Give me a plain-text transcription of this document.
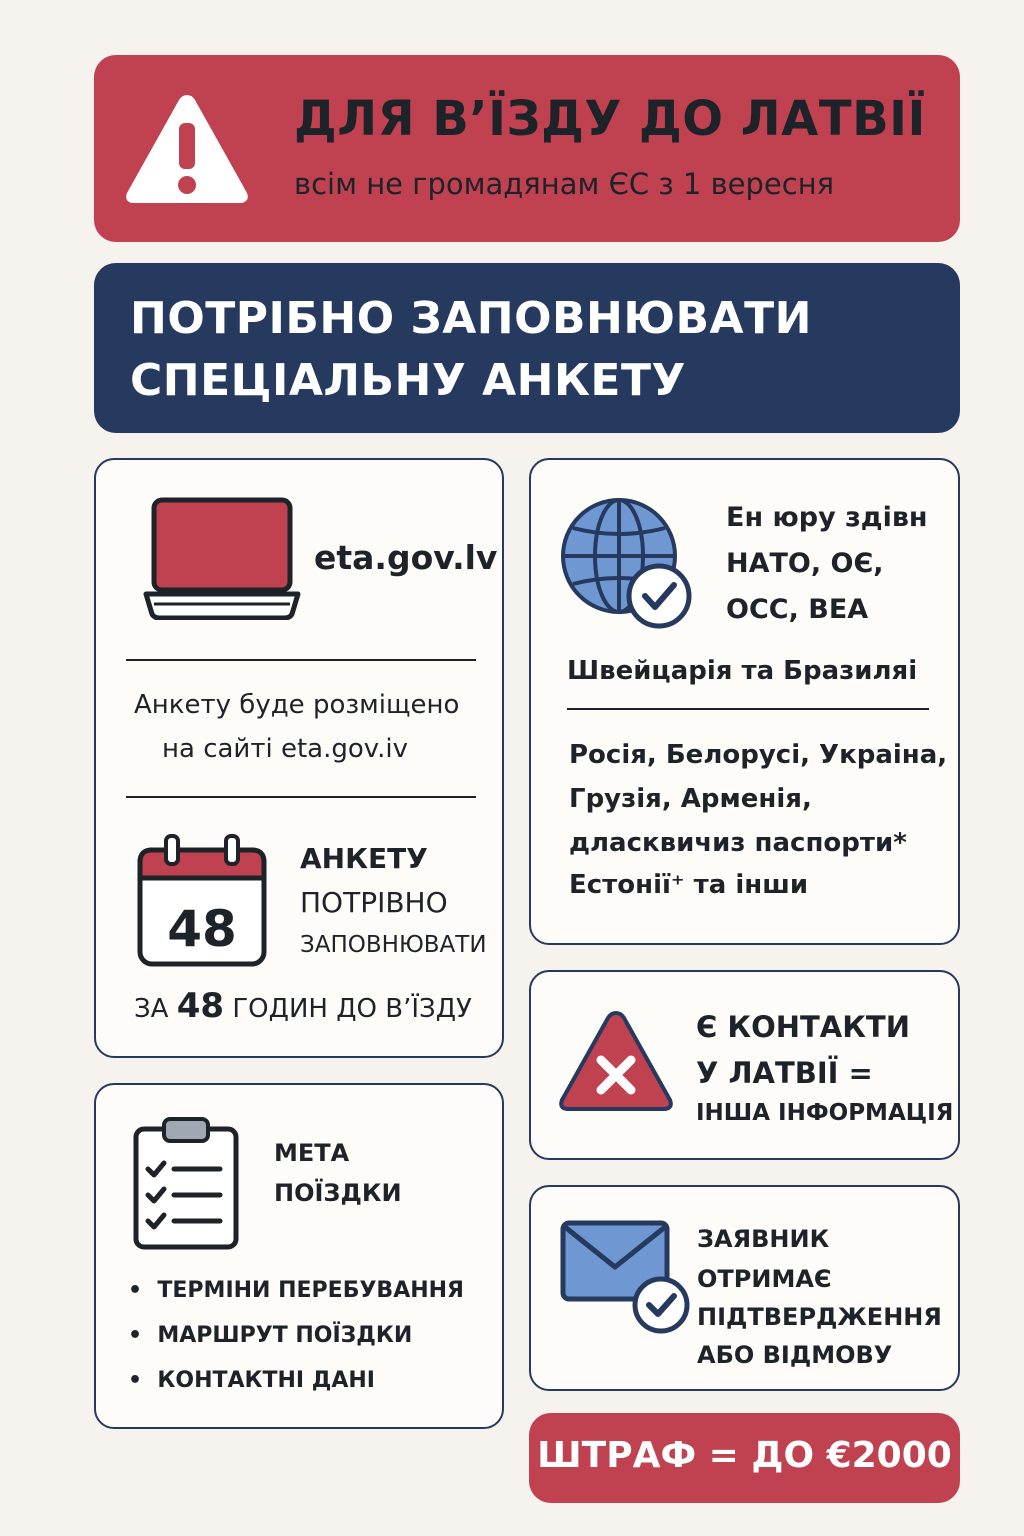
ДЛЯ В’ЇЗДУ ДО ЛАТВІЇ
всім не громадянам ЄС з 1 вересня
ПОТРІБНО ЗАПОВНЮВАТИ
СПЕЦІАЛЬНУ АНКЕТУ
eta.gov.lv
Анкету буде розміщено
на сайті eta.gov.iv
48
АНКЕТУ
ПОТРІВНО
ЗАПОВНЮВАТИ
ЗА 48 ГОДИН ДО В’ЇЗДУ
Ен юру здівн
НАТО, ОЄ,
ОСС, ВЕА
Швейцарія та Бразиляі
Росія, Белорусі, Украіна,
Грузія, Арменія,
длаcквичиз паспорти*
Естоніï⁺ та інши
Є КОНТАКТИ
У ЛАТВІЇ =
ІНША ІНФОРМАЦІЯ
МЕТА
ПОЇЗДКИ
•  ТЕРМІНИ ПЕРЕБУВАННЯ
•  МАРШРУТ ПОЇЗДКИ
•  КОНТАКТНІ ДАНІ
ЗАЯВНИК
ОТРИМАЄ
ПІДТВЕРДЖЕННЯ
АБО ВІДМОВУ
ШТРАФ = ДО €2000
